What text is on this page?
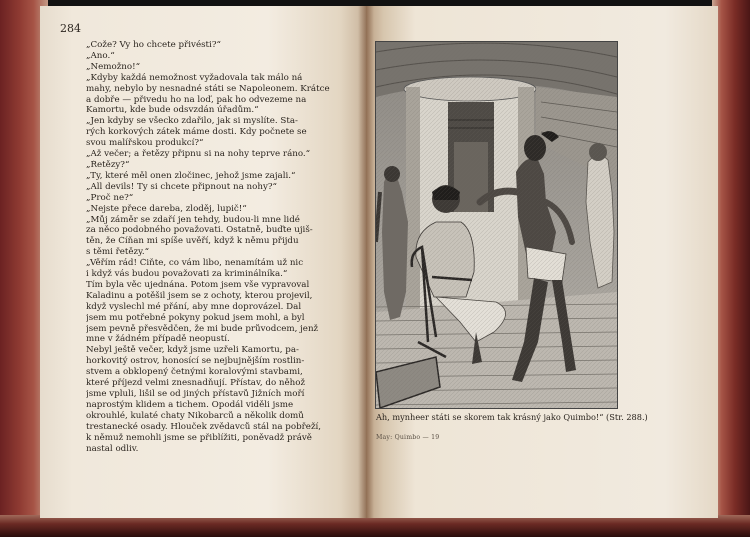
284
„Cože? Vy ho chcete přivésti?“
„Ano.“
„Nemožno!“
„Kdyby každá nemožnost vyžadovala tak málo ná
mahy, nebylo by nesnadné státi se Napoleonem. Krátce
a dobře — přivedu ho na loď, pak ho odvezeme na
Kamortu, kde bude odsvzdán úřadům.“
„Jen kdyby se všecko zdařilo, jak si myslíte. Sta-
rých korkových zátek máme dosti. Kdy počnete se
svou malířskou produkcí?“
„Až večer; a řetězy připnu si na nohy teprve ráno.“
„Řetězy?“
„Ty, které měl onen zločinec, jehož jsme zajali.“
„All devils! Ty si chcete připnout na nohy?“
„Proč ne?“
„Nejste přece dareba, zloděj, lupič!“
„Můj záměr se zdaří jen tehdy, budou-li mne lidé
za něco podobného považovati. Ostatně, buďte ujiš-
těn, že Číňan mi spíše uvěří, když k němu přijdu
s těmi řetězy.“
„Věřím rád! Čiňte, co vám libo, nenamítám už nic
i když vás budou považovati za kriminálníka.“
Tím byla věc ujednána. Potom jsem vše vypravoval
Kaladinu a potěšil jsem se z ochoty, kterou projevil,
když vyslechl mé přání, aby mne doprovázel. Dal
jsem mu potřebné pokyny pokud jsem mohl, a byl
jsem pevně přesvědčen, že mi bude průvodcem, jenž
mne v žádném případě neopustí.
Nebyl ještě večer, když jsme uzřeli Kamortu, pa-
horkovitý ostrov, honosící se nejbujnějším rostlin-
stvem a obklopený četnými koralovými stavbami,
které příjezd velmi znesnadňují. Přístav, do něhož
jsme vpluli, lišil se od jiných přístavů Jižních moří
naprostým klidem a tichem. Opodál viděli jsme
okrouhlé, kulaté chaty Nikobarců a několik domů
trestanecké osady. Hlouček zvědavců stál na pobřeží,
k němuž nemohli jsme se přiblížiti, poněvadž právě
nastal odliv.
Ah, mynheer státi se skorem tak krásný jako Quimbo!“ (Str. 288.)
May: Quimbo — 19
